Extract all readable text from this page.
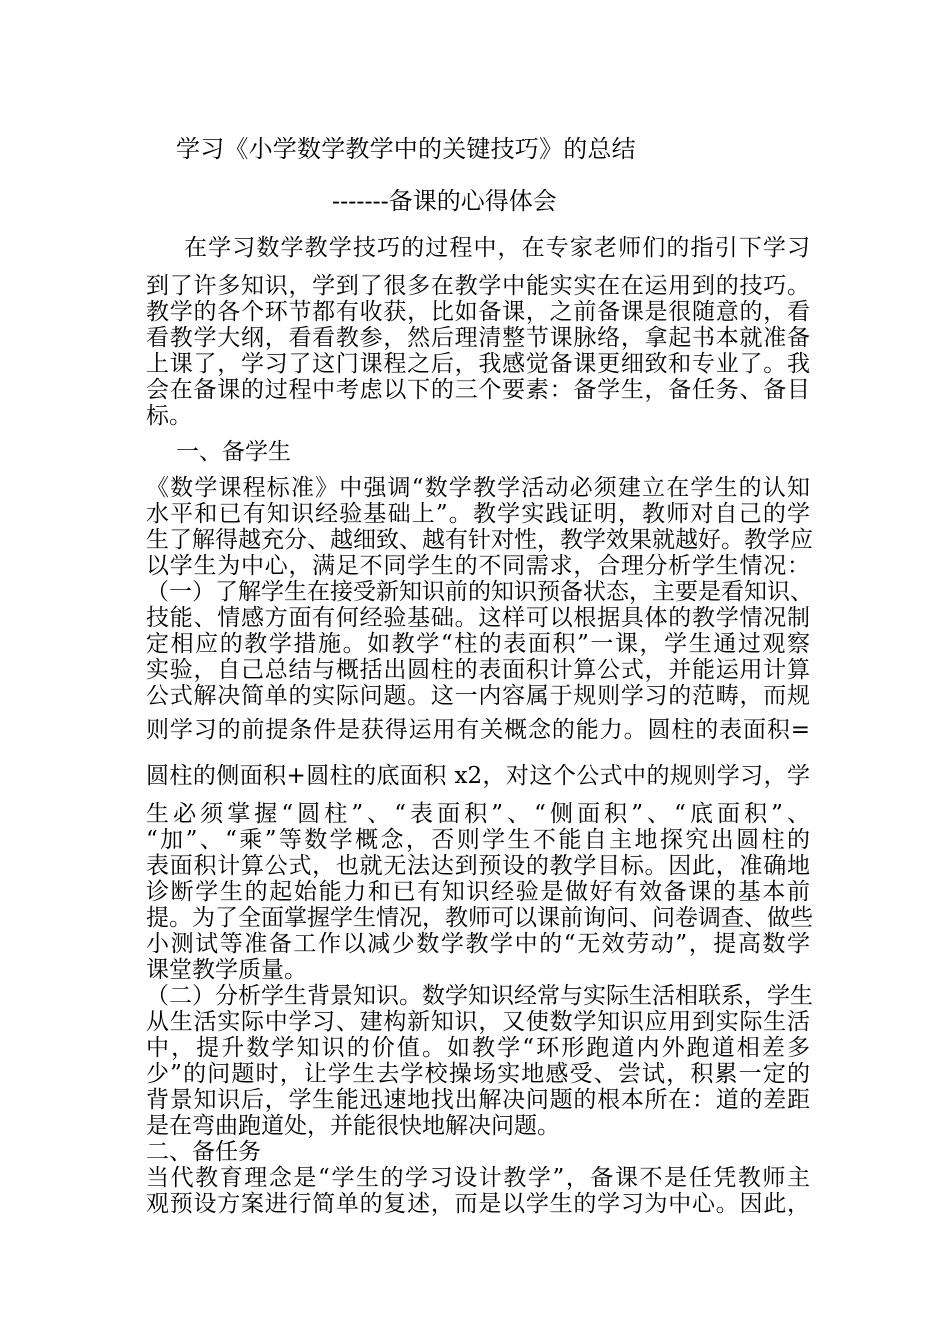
学习《小学数学教学中的关键技巧》的总结
-------备课的心得体会
在学习数学教学技巧的过程中，在专家老师们的指引下学习
到了许多知识，学到了很多在教学中能实实在在运用到的技巧。
教学的各个环节都有收获，比如备课，之前备课是很随意的，看
看教学大纲，看看教参，然后理清整节课脉络，拿起书本就准备
上课了，学习了这门课程之后，我感觉备课更细致和专业了。我
会在备课的过程中考虑以下的三个要素：备学生，备任务、备目
标。
一、备学生
《数学课程标准》中强调“数学教学活动必须建立在学生的认知
水平和已有知识经验基础上”。教学实践证明，教师对自己的学
生了解得越充分、越细致、越有针对性，教学效果就越好。教学应
以学生为中心，满足不同学生的不同需求，合理分析学生情况：
（一）了解学生在接受新知识前的知识预备状态，主要是看知识、
技能、情感方面有何经验基础。这样可以根据具体的教学情况制
定相应的教学措施。如教学“柱的表面积”一课，学生通过观察
实验，自己总结与概括出圆柱的表面积计算公式，并能运用计算
公式解决简单的实际问题。这一内容属于规则学习的范畴，而规
则学习的前提条件是获得运用有关概念的能力。圆柱的表面积=
圆柱的侧面积+圆柱的底面积 x2，对这个公式中的规则学习，学
生必须掌握“圆柱”、“表面积”、“侧面积”、“底面积”、
“加”、“乘”等数学概念，否则学生不能自主地探究出圆柱的
表面积计算公式，也就无法达到预设的教学目标。因此，准确地
诊断学生的起始能力和已有知识经验是做好有效备课的基本前
提。为了全面掌握学生情况，教师可以课前询问、问卷调查、做些
小测试等准备工作以减少数学教学中的“无效劳动”，提高数学
课堂教学质量。
（二）分析学生背景知识。数学知识经常与实际生活相联系，学生
从生活实际中学习、建构新知识，又使数学知识应用到实际生活
中，提升数学知识的价值。如教学“环形跑道内外跑道相差多
少”的问题时，让学生去学校操场实地感受、尝试，积累一定的
背景知识后，学生能迅速地找出解决问题的根本所在：道的差距
是在弯曲跑道处，并能很快地解决问题。
二、备任务
当代教育理念是“学生的学习设计教学”，备课不是任凭教师主
观预设方案进行简单的复述，而是以学生的学习为中心。因此，
